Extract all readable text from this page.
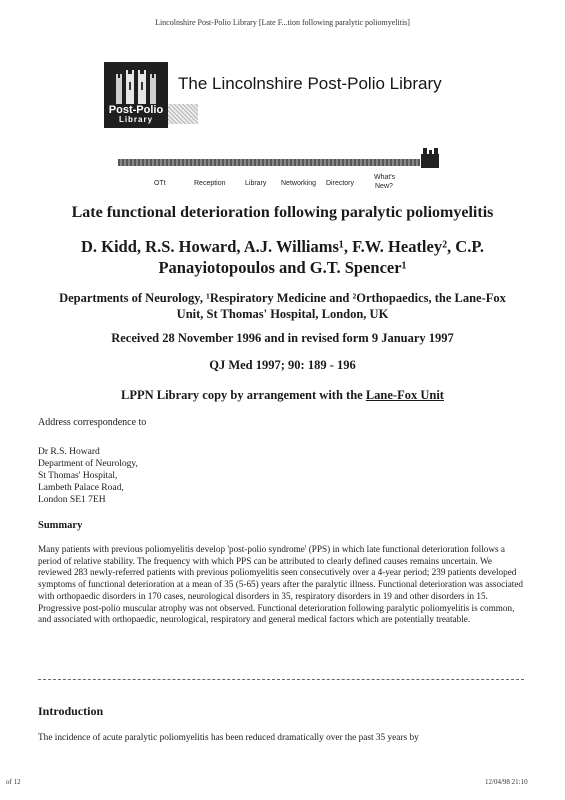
Lincolnshire Post-Polio Library [Late F...tion following paralytic poliomyelitis]
Post-Polio
Library
The Lincolnshire Post-Polio Library
OTt	Reception	Library Networking Directory
What's
New?
Late functional deterioration following paralytic poliomyelitis
D. Kidd, R.S. Howard, A.J. Williams¹, F.W. Heatley², C.P.
Panayiotopoulos and G.T. Spencer¹
Departments of Neurology, ¹Respiratory Medicine and ²Orthopaedics, the Lane-Fox
Unit, St Thomas' Hospital, London, UK
Received 28 November 1996 and in revised form 9 January 1997
QJ Med 1997; 90: 189 - 196
LPPN Library copy by arrangement with the Lane-Fox Unit
Address correspondence to
Dr R.S. Howard
Department of Neurology,
St Thomas' Hospital,
Lambeth Palace Road,
London SE1 7EH
Summary
Many patients with previous poliomyelitis develop 'post-polio syndrome' (PPS) in which late functional deterioration follows a period of relative stability. The frequency with which PPS can be attributed to clearly defined causes remains uncertain. We reviewed 283 newly-referred patients with previous poliomyelitis seen consecutively over a 4-year period; 239 patients developed symptoms of functional deterioration at a mean of 35 (5-65) years after the paralytic illness. Functional deterioration was associated with orthopaedic disorders in 170 cases, neurological disorders in 35, respiratory disorders in 19 and other disorders in 15. Progressive post-polio muscular atrophy was not observed. Functional deterioration following paralytic poliomyelitis is common, and associated with orthopaedic, neurological, respiratory and general medical factors which are potentially treatable.
Introduction
The incidence of acute paralytic poliomyelitis has been reduced dramatically over the past 35 years by
of 12	12/04/98 21:10
